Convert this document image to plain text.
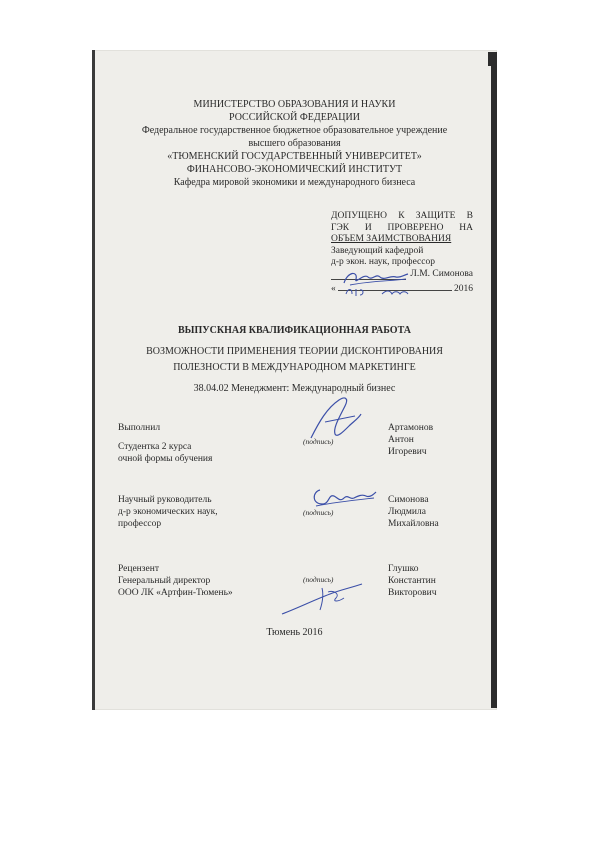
МИНИСТЕРСТВО ОБРАЗОВАНИЯ И НАУКИ
РОССИЙСКОЙ ФЕДЕРАЦИИ
Федеральное государственное бюджетное образовательное учреждение
высшего образования
«ТЮМЕНСКИЙ ГОСУДАРСТВЕННЫЙ УНИВЕРСИТЕТ»
ФИНАНСОВО-ЭКОНОМИЧЕСКИЙ ИНСТИТУТ
Кафедра мировой экономики и международного бизнеса
ДОПУЩЕНО К ЗАЩИТЕ В
ГЭК И ПРОВЕРЕНО НА
ОБЪЕМ ЗАИМСТВОВАНИЯ
Заведующий кафедрой
д-р экон. наук, профессор
Л.М. Симонова
«	2016
ВЫПУСКНАЯ КВАЛИФИКАЦИОННАЯ РАБОТА
ВОЗМОЖНОСТИ ПРИМЕНЕНИЯ ТЕОРИИ ДИСКОНТИРОВАНИЯ
ПОЛЕЗНОСТИ В МЕЖДУНАРОДНОМ МАРКЕТИНГЕ
38.04.02 Менеджмент: Международный бизнес
Выполнил
Студентка 2 курса
очной формы обучения
(подпись)
Артамонов
Антон
Игоревич
Научный руководитель
д-р экономических наук,
профессор
(подпись)
Симонова
Людмила
Михайловна
Рецензент
Генеральный директор
ООО ЛК «Артфин-Тюмень»
(подпись)
Глушко
Константин
Викторович
Тюмень 2016
